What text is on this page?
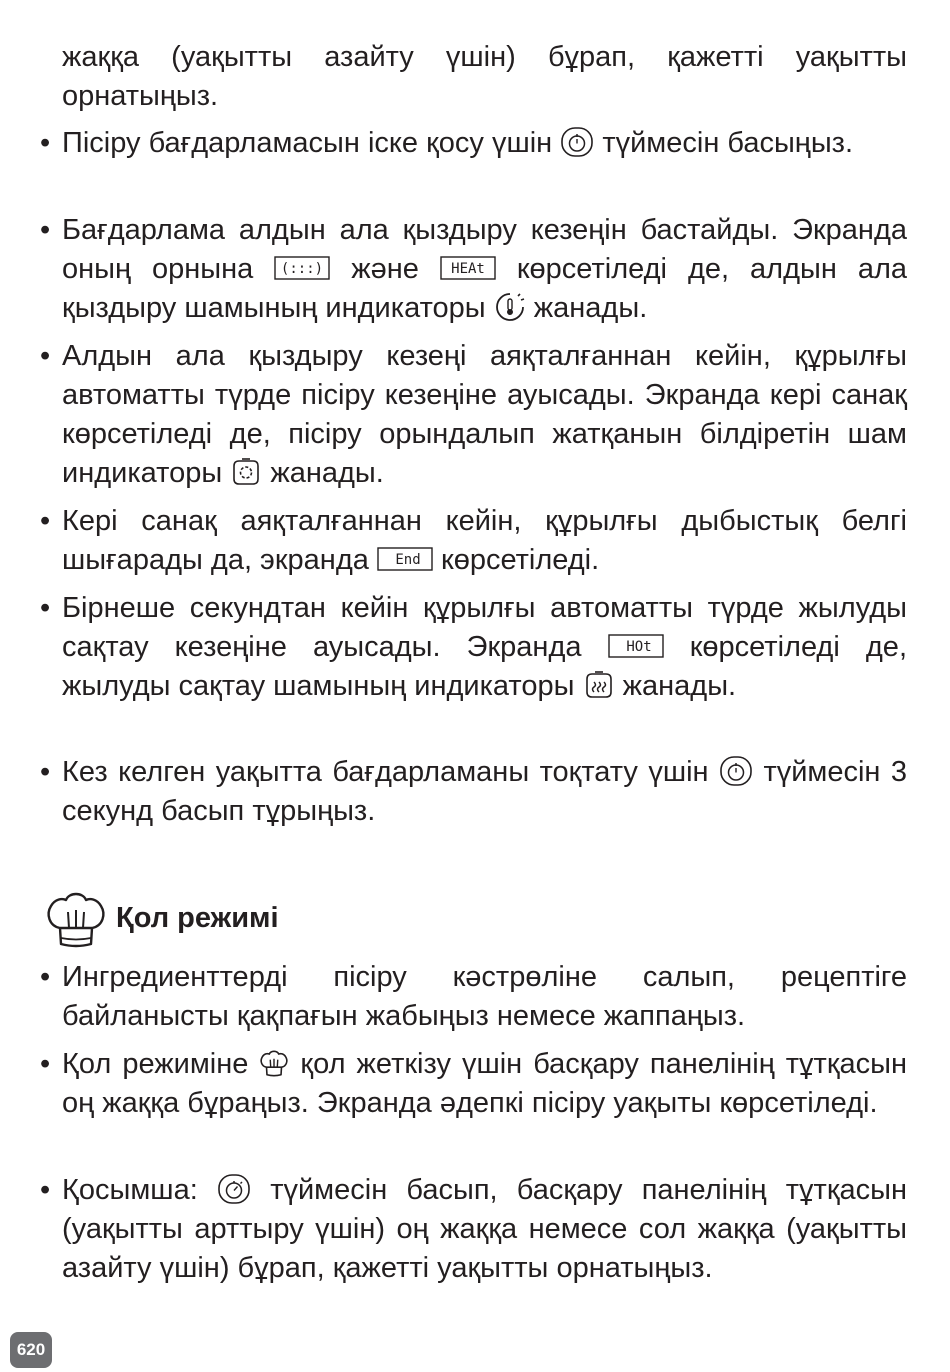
жаққа (уақытты азайту үшін) бұрап, қажетті уақытты орнатыңыз.

• Пісіру бағдарламасын іске қосу үшін түймесін басыңыз.
• Бағдарлама алдын ала қыздыру кезеңін бастайды. Экранда оның орнына (:::) және HEAt көрсетіледі де, алдын ала қыздыру шамының индикаторы жанады.
• Алдын ала қыздыру кезеңі аяқталғаннан кейін, құрылғы автоматты түрде пісіру кезеңіне ауысады. Экранда кері санақ көрсетіледі де, пісіру орындалып жатқанын білдіретін шам индикаторы жанады.
• Кері санақ аяқталғаннан кейін, құрылғы дыбыстық белгі шығарады да, экранда End көрсетіледі.
• Бірнеше секундтан кейін құрылғы автоматты түрде жылуды сақтау кезеңіне ауысады. Экранда	HOt көрсетіледі де, жылуды сақтау шамының индикаторы жанады.
• Кез келген уақытта бағдарламаны тоқтату үшін түймесін 3 секунд басып тұрыңыз.
Қол режимі
• Ингредиенттерді пісіру кәстрөліне салып, рецептіге байланысты қақпағын жабыңыз немесе жаппаңыз.
• Қол режиміне қол жеткізу үшін басқару панелінің тұтқасын оң жаққа бұраңыз. Экранда әдепкі пісіру уақыты көрсетіледі.
• Қосымша: түймесін басып, басқару панелінің тұтқасын (уақытты арттыру үшін) оң жаққа немесе сол жаққа (уақытты азайту үшін) бұрап, қажетті уақытты орнатыңыз.
620
